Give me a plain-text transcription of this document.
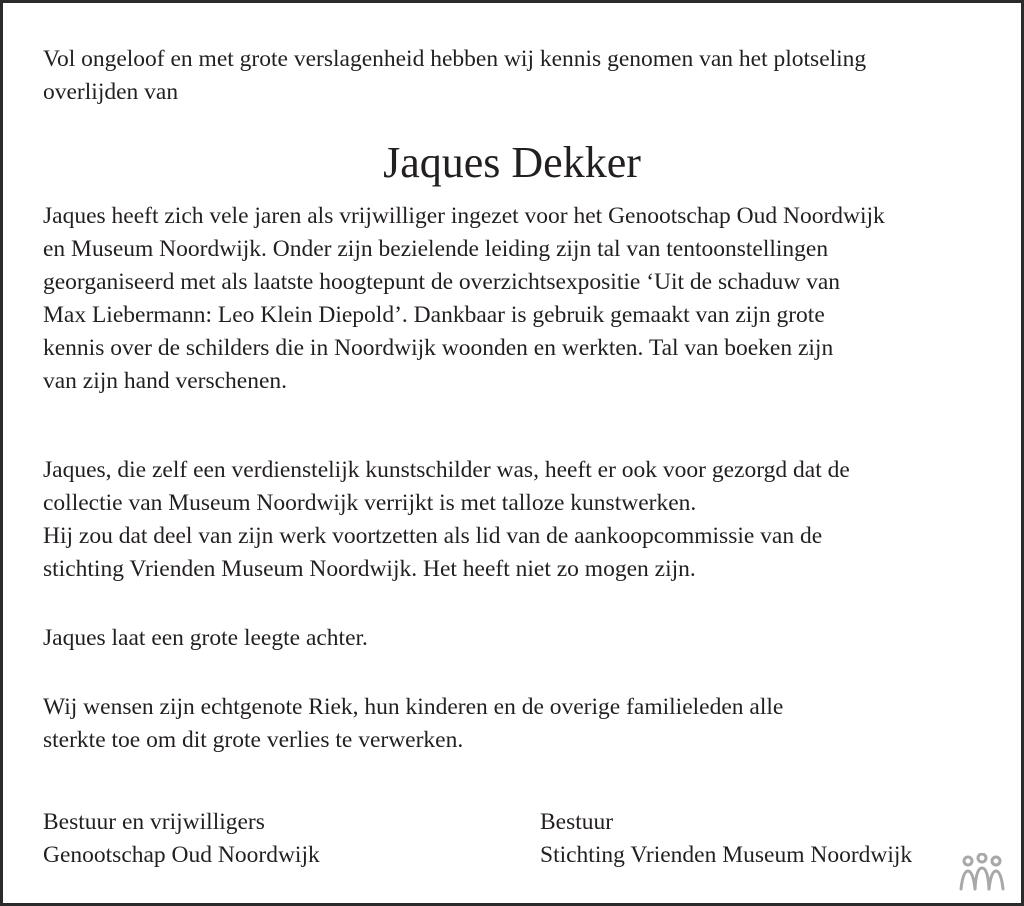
Vol ongeloof en met grote verslagenheid hebben wij kennis genomen van het plotseling
overlijden van
Jaques Dekker
Jaques heeft zich vele jaren als vrijwilliger ingezet voor het Genootschap Oud Noordwijk
en Museum Noordwijk. Onder zijn bezielende leiding zijn tal van tentoonstellingen
georganiseerd met als laatste hoogtepunt de overzichtsexpositie ‘Uit de schaduw van
Max Liebermann: Leo Klein Diepold’. Dankbaar is gebruik gemaakt van zijn grote
kennis over de schilders die in Noordwijk woonden en werkten. Tal van boeken zijn
van zijn hand verschenen.
Jaques, die zelf een verdienstelijk kunstschilder was, heeft er ook voor gezorgd dat de
collectie van Museum Noordwijk verrijkt is met talloze kunstwerken.
Hij zou dat deel van zijn werk voortzetten als lid van de aankoopcommissie van de
stichting Vrienden Museum Noordwijk. Het heeft niet zo mogen zijn.
Jaques laat een grote leegte achter.
Wij wensen zijn echtgenote Riek, hun kinderen en de overige familieleden alle
sterkte toe om dit grote verlies te verwerken.
Bestuur en vrijwilligers
Genootschap Oud Noordwijk
Bestuur
Stichting Vrienden Museum Noordwijk
